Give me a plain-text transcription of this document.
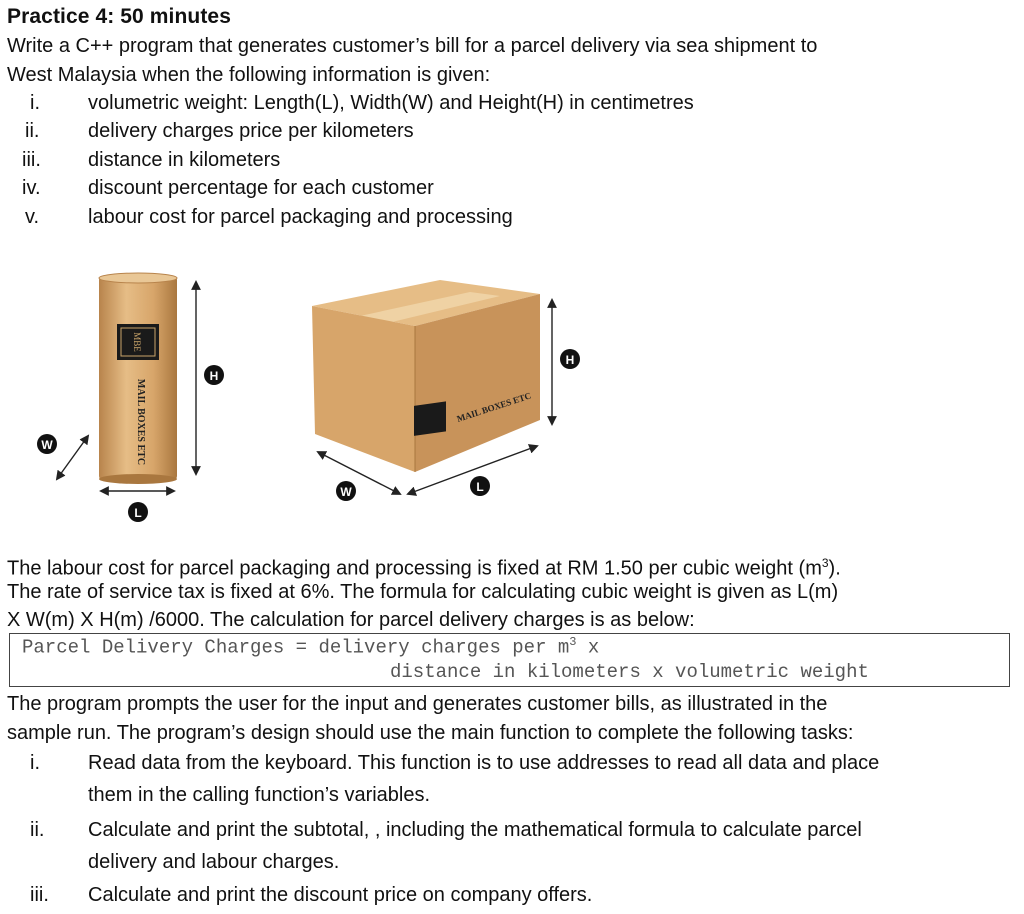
Practice 4: 50 minutes
Write a C++ program that generates customer’s bill for a parcel delivery via sea shipment to
West Malaysia when the following information is given:
i.	volumetric weight: Length(L), Width(W) and Height(H) in centimetres
ii.	delivery charges price per kilometers
iii.	distance in kilometers
iv.	discount percentage for each customer
v.	labour cost for parcel packaging and processing
MBE
MAIL BOXES ETC
H
W
L
MAIL BOXES ETC
H
W	L
The labour cost for parcel packaging and processing is fixed at RM 1.50 per cubic weight $(m^3)$.
The rate of service tax is fixed at 6%. The formula for calculating cubic weight is given as L(m)
X W(m) X H(m) /6000. The calculation for parcel delivery charges is as below:
Parcel Delivery Charges = delivery charges per $m^3$ x
distance in kilometers x volumetric weight
The program prompts the user for the input and generates customer bills, as illustrated in the
sample run. The program’s design should use the main function to complete the following tasks:
i. Read data from the keyboard. This function is to use addresses to read all data and place
them in the calling function’s variables.
ii. Calculate and print the subtotal, , including the mathematical formula to calculate parcel
delivery and labour charges.
iii. Calculate and print the discount price on company offers.
